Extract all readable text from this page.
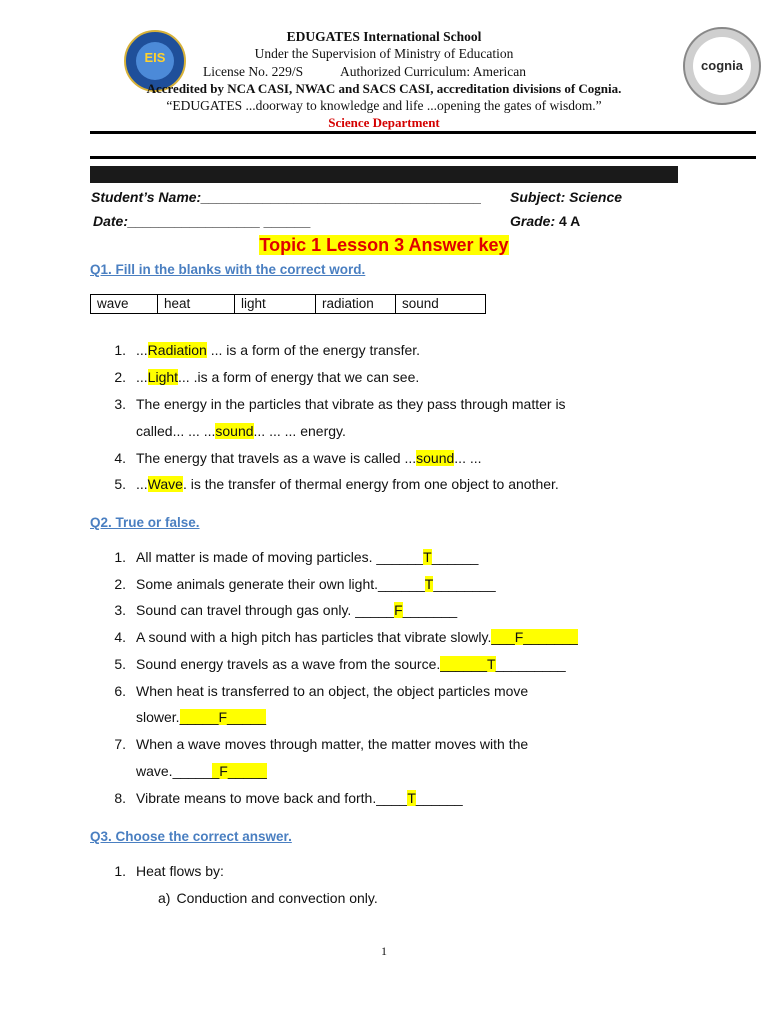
EIS
cognia
EDUGATES International School
Under the Supervision of Ministry of Education
License No. 229/S	Authorized Curriculum: American
Accredited by NCA CASI, NWAC and SACS CASI, accreditation divisions of Cognia.
“EDUGATES ...doorway to knowledge and life ...opening the gates of wisdom.”
Science Department
Student’s Name:____________________________________ Subject: Science
Date:_________________ ______	Grade: 4 A
Topic 1 Lesson 3 Answer key
Q1. Fill in the blanks with the correct word.
wave	heat	light	radiation	sound
1. ...Radiation ... is a form of the energy transfer.
2. ...Light... .is a form of energy that we can see.
3. The energy in the particles that vibrate as they pass through matter is
called... ... ...sound... ... ... energy.
4. The energy that travels as a wave is called ...sound... ...
5. ...Wave. is the transfer of thermal energy from one object to another.
Q2. True or false.
1. All matter is made of moving particles. ______T______
2. Some animals generate their own light.______T________
3. Sound can travel through gas only. _____F_______
4. A sound with a high pitch has particles that vibrate slowly.___F_______
5. Sound energy travels as a wave from the source.______T_________
6. When heat is transferred to an object, the object particles move
slower._____F_____
7. When a wave moves through matter, the matter moves with the
wave.______F_____
8. Vibrate means to move back and forth.____T______
Q3. Choose the correct answer.
1. Heat flows by:
a) Conduction and convection only.
1
